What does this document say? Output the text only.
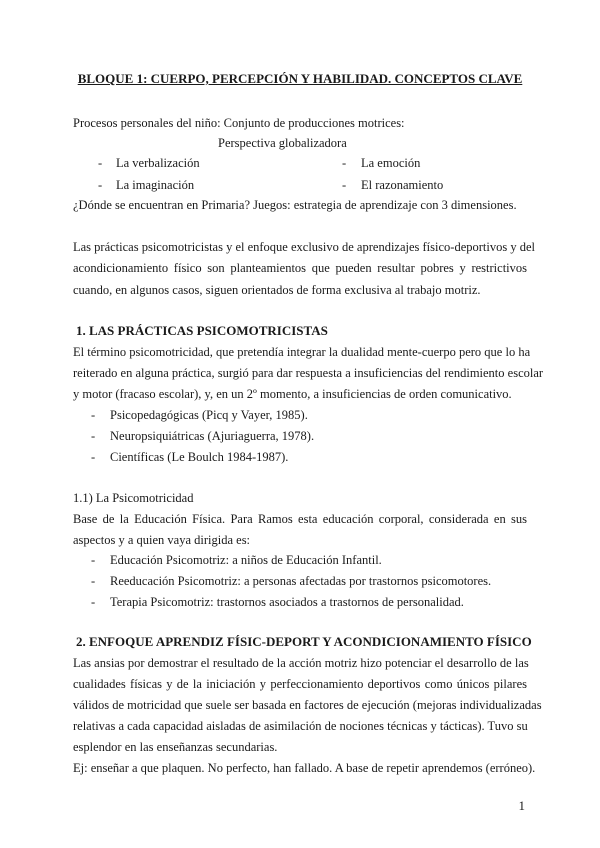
BLOQUE 1: CUERPO, PERCEPCIÓN Y HABILIDAD. CONCEPTOS CLAVE
Procesos personales del niño: Conjunto de producciones motrices:
Perspectiva globalizadora
- La verbalización	- La emoción
- La imaginación	- El razonamiento
¿Dónde se encuentran en Primaria? Juegos: estrategia de aprendizaje con 3 dimensiones.
Las prácticas psicomotricistas y el enfoque exclusivo de aprendizajes físico-deportivos y del
acondicionamiento físico son planteamientos que pueden resultar pobres y restrictivos
cuando, en algunos casos, siguen orientados de forma exclusiva al trabajo motriz.
1. LAS PRÁCTICAS PSICOMOTRICISTAS
El término psicomotricidad, que pretendía integrar la dualidad mente-cuerpo pero que lo ha
reiterado en alguna práctica, surgió para dar respuesta a insuficiencias del rendimiento escolar
y motor (fracaso escolar), y, en un 2º momento, a insuficiencias de orden comunicativo.
- Psicopedagógicas (Picq y Vayer, 1985).
- Neuropsiquiátricas (Ajuriaguerra, 1978).
- Científicas (Le Boulch 1984-1987).
1.1) La Psicomotricidad
Base de la Educación Física. Para Ramos esta educación corporal, considerada en sus
aspectos y a quien vaya dirigida es:
- Educación Psicomotriz: a niños de Educación Infantil.
- Reeducación Psicomotriz: a personas afectadas por trastornos psicomotores.
- Terapia Psicomotriz: trastornos asociados a trastornos de personalidad.
2. ENFOQUE APRENDIZ FÍSIC-DEPORT Y ACONDICIONAMIENTO FÍSICO
Las ansias por demostrar el resultado de la acción motriz hizo potenciar el desarrollo de las
cualidades físicas y de la iniciación y perfeccionamiento deportivos como únicos pilares
válidos de motricidad que suele ser basada en factores de ejecución (mejoras individualizadas
relativas a cada capacidad aisladas de asimilación de nociones técnicas y tácticas). Tuvo su
esplendor en las enseñanzas secundarias.
Ej: enseñar a que plaquen. No perfecto, han fallado. A base de repetir aprendemos (erróneo).
1
